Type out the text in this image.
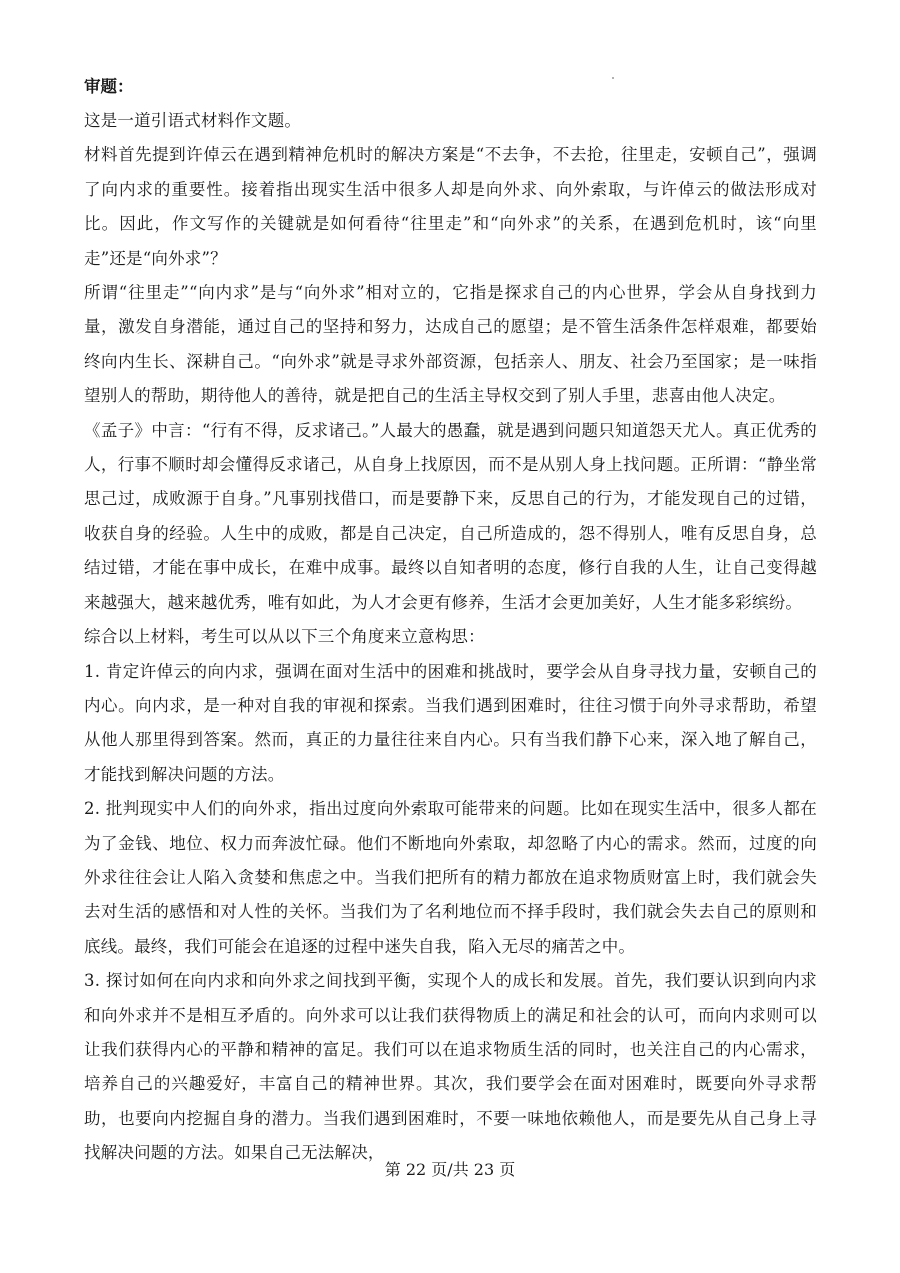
审题：

这是一道引语式材料作文题。

材料首先提到许倬云在遇到精神危机时的解决方案是“不去争，不去抢，往里走，安顿自己”，强调了向内求的重要性。接着指出现实生活中很多人却是向外求、向外索取，与许倬云的做法形成对比。因此，作文写作的关键就是如何看待“往里走”和“向外求”的关系，在遇到危机时，该“向里走”还是“向外求”？

所谓“往里走”“向内求”是与“向外求”相对立的，它指是探求自己的内心世界，学会从自身找到力量，激发自身潜能，通过自己的坚持和努力，达成自己的愿望；是不管生活条件怎样艰难，都要始终向内生长、深耕自己。“向外求”就是寻求外部资源，包括亲人、朋友、社会乃至国家；是一味指望别人的帮助，期待他人的善待，就是把自己的生活主导权交到了别人手里，悲喜由他人决定。

《孟子》中言：“行有不得，反求诸己。”人最大的愚蠢，就是遇到问题只知道怨天尤人。真正优秀的人，行事不顺时却会懂得反求诸己，从自身上找原因，而不是从别人身上找问题。正所谓：“静坐常思己过，成败源于自身。”凡事别找借口，而是要静下来，反思自己的行为，才能发现自己的过错，收获自身的经验。人生中的成败，都是自己决定，自己所造成的，怨不得别人，唯有反思自身，总结过错，才能在事中成长，在难中成事。最终以自知者明的态度，修行自我的人生，让自己变得越来越强大，越来越优秀，唯有如此，为人才会更有修养，生活才会更加美好，人生才能多彩缤纷。

综合以上材料，考生可以从以下三个角度来立意构思：

1. 肯定许倬云的向内求，强调在面对生活中的困难和挑战时，要学会从自身寻找力量，安顿自己的内心。向内求，是一种对自我的审视和探索。当我们遇到困难时，往往习惯于向外寻求帮助，希望从他人那里得到答案。然而，真正的力量往往来自内心。只有当我们静下心来，深入地了解自己，才能找到解决问题的方法。

2. 批判现实中人们的向外求，指出过度向外索取可能带来的问题。比如在现实生活中，很多人都在为了金钱、地位、权力而奔波忙碌。他们不断地向外索取，却忽略了内心的需求。然而，过度的向外求往往会让人陷入贪婪和焦虑之中。当我们把所有的精力都放在追求物质财富上时，我们就会失去对生活的感悟和对人性的关怀。当我们为了名利地位而不择手段时，我们就会失去自己的原则和底线。最终，我们可能会在追逐的过程中迷失自我，陷入无尽的痛苦之中。

3. 探讨如何在向内求和向外求之间找到平衡，实现个人的成长和发展。首先，我们要认识到向内求和向外求并不是相互矛盾的。向外求可以让我们获得物质上的满足和社会的认可，而向内求则可以让我们获得内心的平静和精神的富足。我们可以在追求物质生活的同时，也关注自己的内心需求，培养自己的兴趣爱好，丰富自己的精神世界。其次，我们要学会在面对困难时，既要向外寻求帮助，也要向内挖掘自身的潜力。当我们遇到困难时，不要一味地依赖他人，而是要先从自己身上寻找解决问题的方法。如果自己无法解决，

第 22 页/共 23 页
